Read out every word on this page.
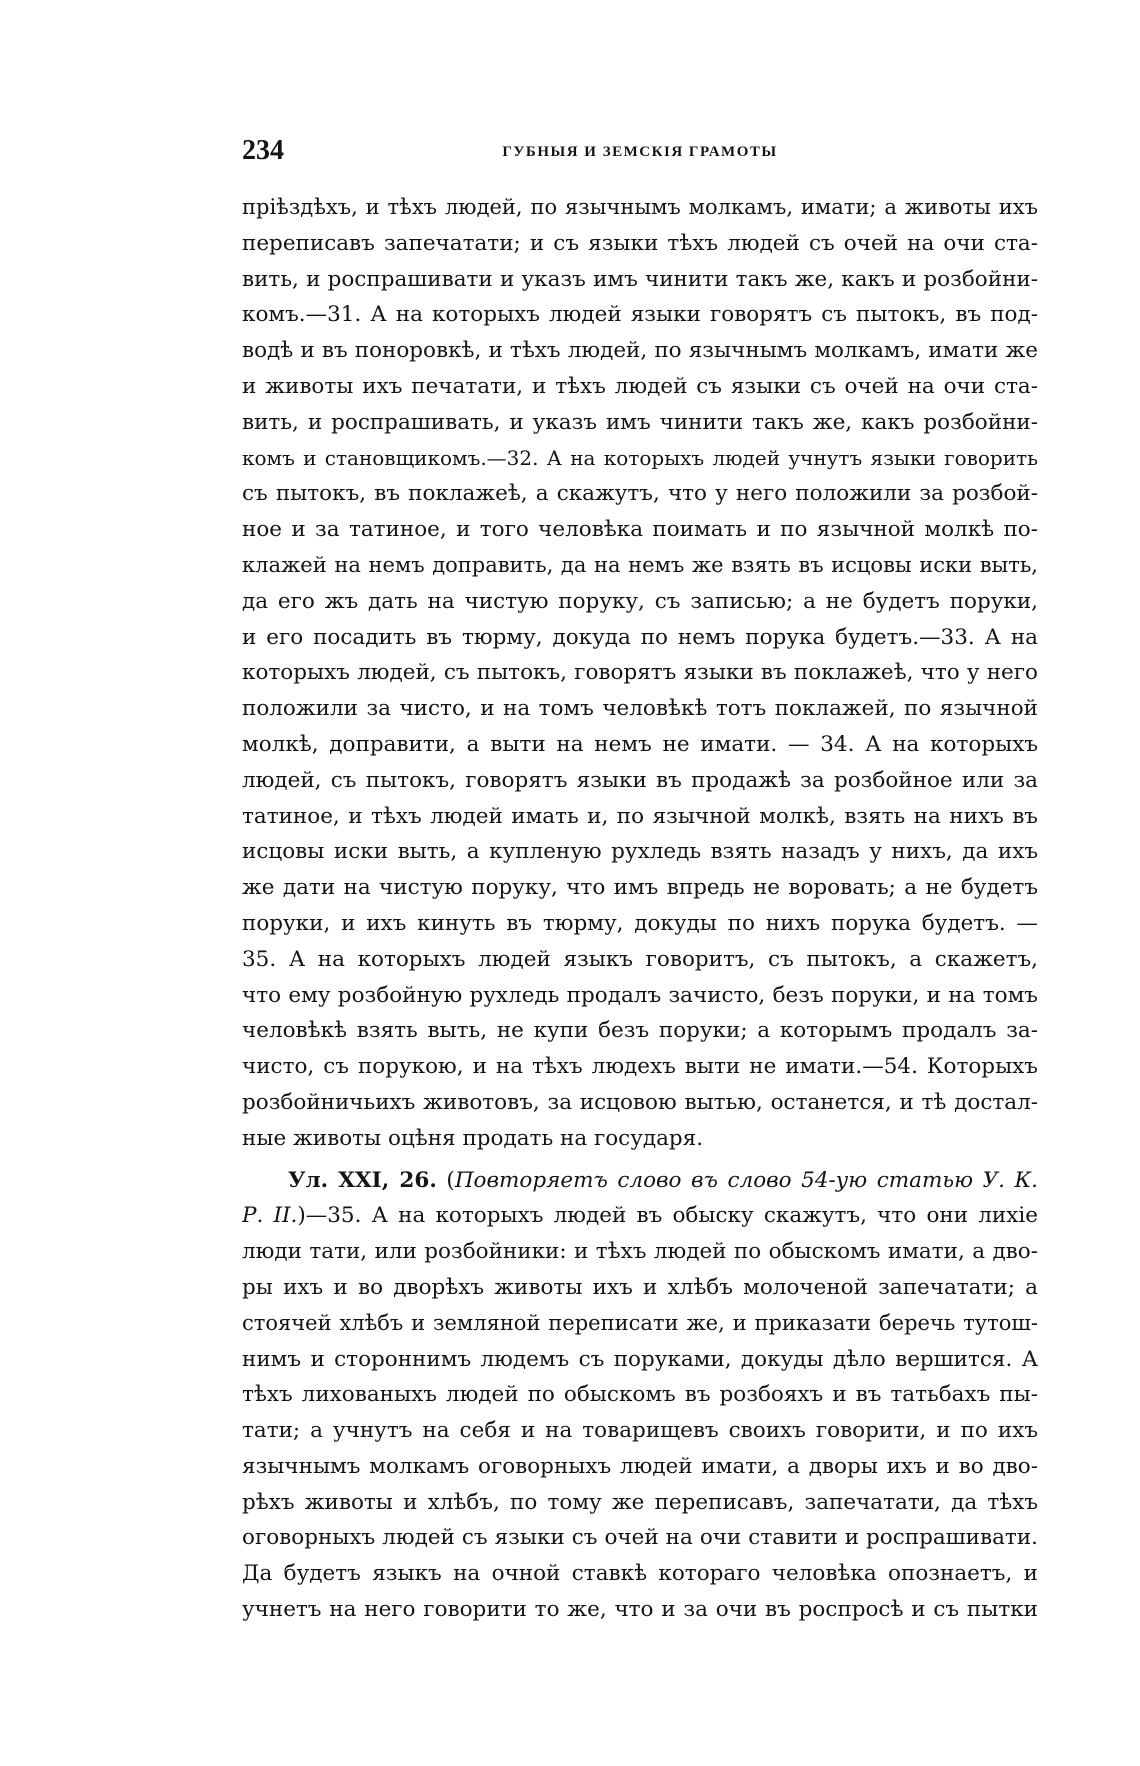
234	ГУБНЫЯ И ЗЕМСКІЯ ГРАМОТЫ
пріѣздѣхъ, и тѣхъ людей, по язычнымъ молкамъ, имати; а животы ихъ
переписавъ запечатати; и съ языки тѣхъ людей съ очей на очи ста-
вить, и роспрашивати и указъ имъ чинити такъ же, какъ и розбойни-
комъ.—31. А на которыхъ людей языки говорятъ съ пытокъ, въ под-
водѣ и въ поноровкѣ, и тѣхъ людей, по язычнымъ молкамъ, имати же
и животы ихъ печатати, и тѣхъ людей съ языки съ очей на очи ста-
вить, и роспрашивать, и указъ имъ чинити такъ же, какъ розбойни-
комъ и становщикомъ.—32. А на которыхъ людей учнутъ языки говорить
съ пытокъ, въ поклажеѣ, а скажутъ, что у него положили за розбой-
ное и за татиное, и того человѣка поимать и по язычной молкѣ по-
клажей на немъ доправить, да на немъ же взять въ исцовы иски выть,
да его жъ дать на чистую поруку, съ записью; а не будетъ поруки,
и его посадить въ тюрму, докуда по немъ порука будетъ.—33. А на
которыхъ людей, съ пытокъ, говорятъ языки въ поклажеѣ, что у него
положили за чисто, и на томъ человѣкѣ тотъ поклажей, по язычной
молкѣ, доправити, а выти на немъ не имати. — 34. А на которыхъ
людей, съ пытокъ, говорятъ языки въ продажѣ за розбойное или за
татиное, и тѣхъ людей имать и, по язычной молкѣ, взять на нихъ въ
исцовы иски выть, а купленую рухледь взять назадъ у нихъ, да ихъ
же дати на чистую поруку, что имъ впредь не воровать; а не будетъ
поруки, и ихъ кинуть въ тюрму, докуды по нихъ порука будетъ. —
35. А на которыхъ людей языкъ говоритъ, съ пытокъ, а скажетъ,
что ему розбойную рухледь продалъ зачисто, безъ поруки, и на томъ
человѣкѣ взять выть, не купи безъ поруки; а которымъ продалъ за-
чисто, съ порукою, и на тѣхъ людехъ выти не имати.—54. Которыхъ
розбойничьихъ животовъ, за исцовою вытью, останется, и тѣ достал-
ные животы оцѣня продать на государя.
Ул. XXI, 26. (Повторяетъ слово въ слово 54-ую статью У. К.
Р. II.)—35. А на которыхъ людей въ обыску скажутъ, что они лихіе
люди тати, или розбойники: и тѣхъ людей по обыскомъ имати, а дво-
ры ихъ и во дворѣхъ животы ихъ и хлѣбъ молоченой запечатати; а
стоячей хлѣбъ и земляной переписати же, и приказати беречь тутош-
нимъ и стороннимъ людемъ съ поруками, докуды дѣло вершится. А
тѣхъ лихованыхъ людей по обыскомъ въ розбояхъ и въ татьбахъ пы-
тати; а учнутъ на себя и на товарищевъ своихъ говорити, и по ихъ
язычнымъ молкамъ оговорныхъ людей имати, а дворы ихъ и во дво-
рѣхъ животы и хлѣбъ, по тому же переписавъ, запечатати, да тѣхъ
оговорныхъ людей съ языки съ очей на очи ставити и роспрашивати.
Да будетъ языкъ на очной ставкѣ котораго человѣка опознаетъ, и
учнетъ на него говорити то же, что и за очи въ роспросѣ и съ пытки
